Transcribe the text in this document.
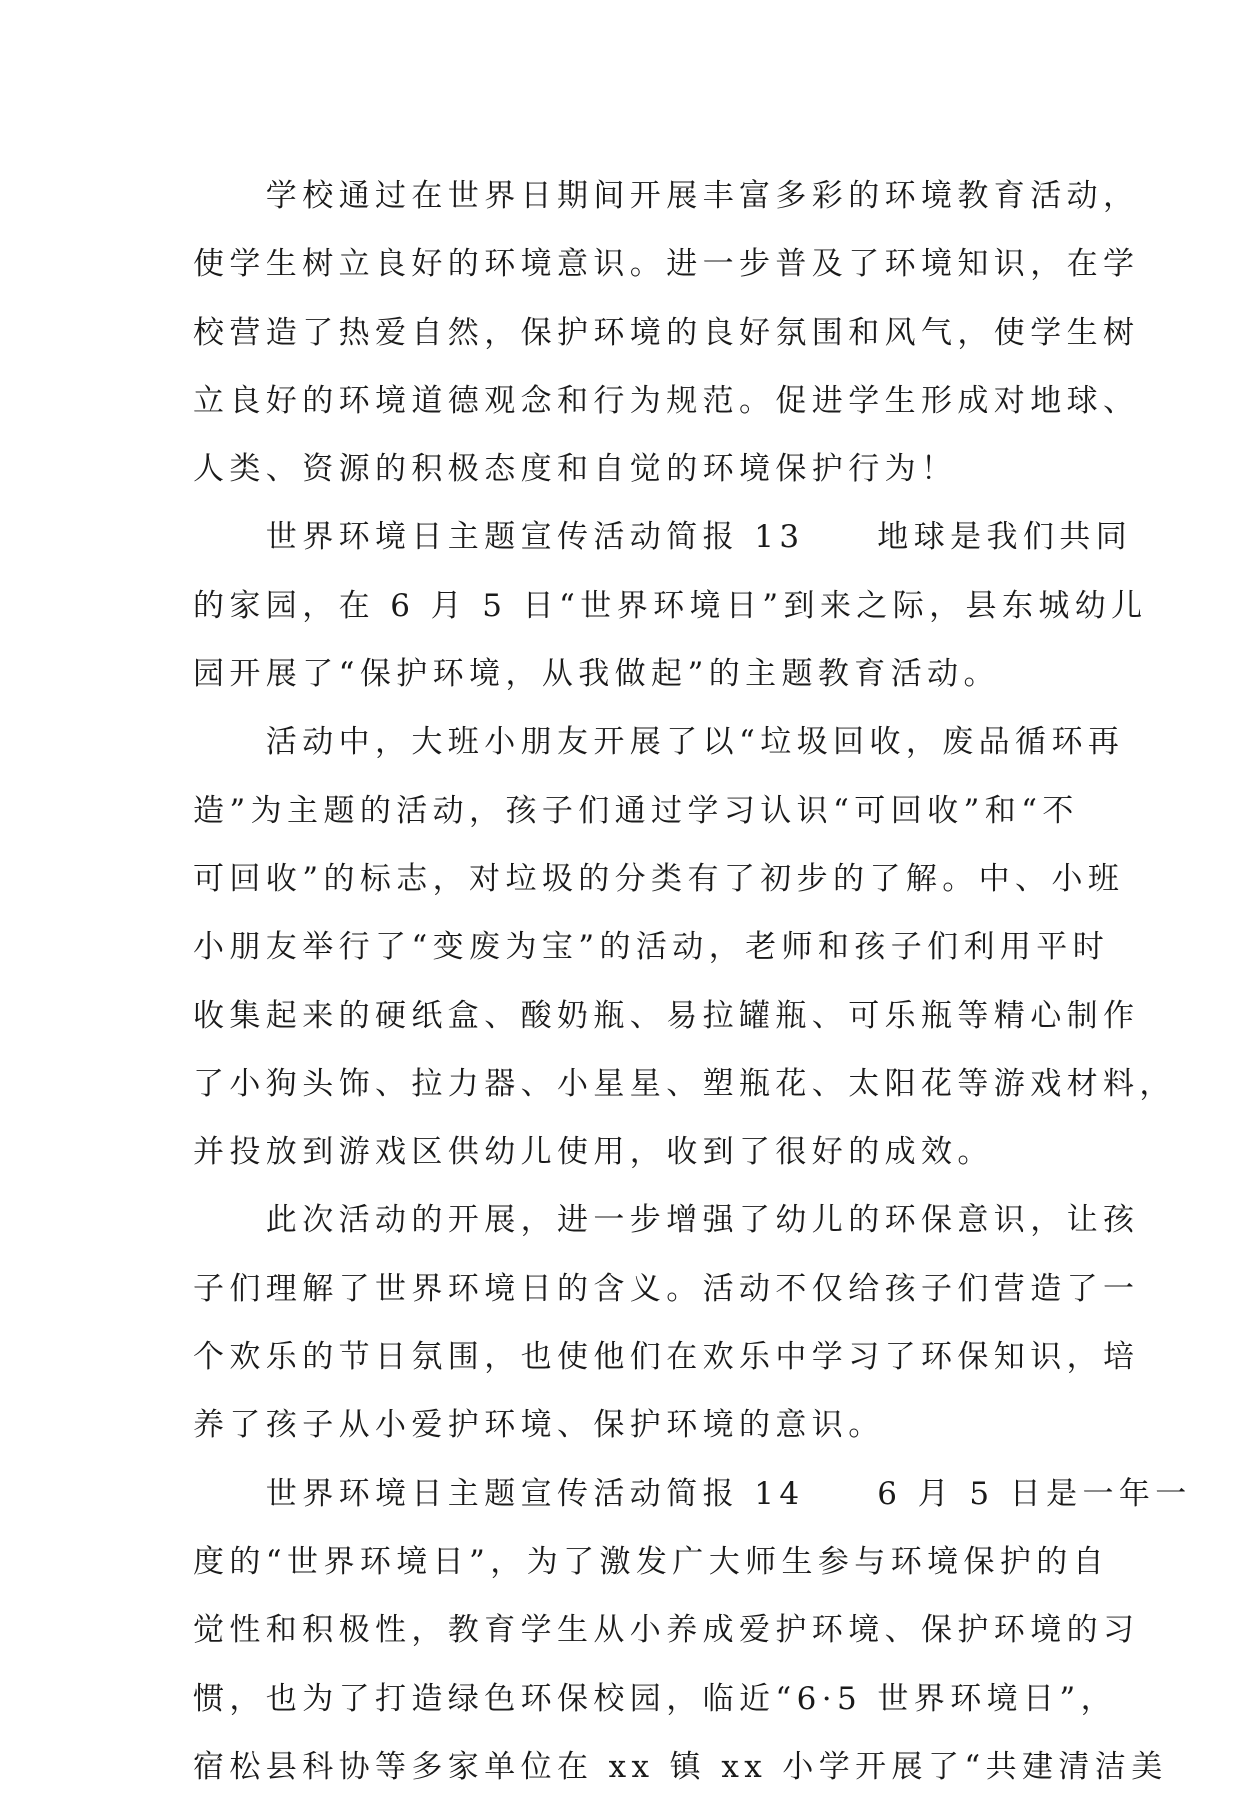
　　学校通过在世界日期间开展丰富多彩的环境教育活动，
使学生树立良好的环境意识。进一步普及了环境知识，在学
校营造了热爱自然，保护环境的良好氛围和风气，使学生树
立良好的环境道德观念和行为规范。促进学生形成对地球、
人类、资源的积极态度和自觉的环境保护行为！
　　世界环境日主题宣传活动简报 13　　地球是我们共同
的家园，在 6 月 5 日“世界环境日”到来之际，县东城幼儿
园开展了“保护环境，从我做起”的主题教育活动。
　　活动中，大班小朋友开展了以“垃圾回收，废品循环再
造”为主题的活动，孩子们通过学习认识“可回收”和“不
可回收”的标志，对垃圾的分类有了初步的了解。中、小班
小朋友举行了“变废为宝”的活动，老师和孩子们利用平时
收集起来的硬纸盒、酸奶瓶、易拉罐瓶、可乐瓶等精心制作
了小狗头饰、拉力器、小星星、塑瓶花、太阳花等游戏材料，
并投放到游戏区供幼儿使用，收到了很好的成效。
　　此次活动的开展，进一步增强了幼儿的环保意识，让孩
子们理解了世界环境日的含义。活动不仅给孩子们营造了一
个欢乐的节日氛围，也使他们在欢乐中学习了环保知识，培
养了孩子从小爱护环境、保护环境的意识。
　　世界环境日主题宣传活动简报 14　　6 月 5 日是一年一
度的“世界环境日”，为了激发广大师生参与环境保护的自
觉性和积极性，教育学生从小养成爱护环境、保护环境的习
惯，也为了打造绿色环保校园，临近“6·5 世界环境日”，
宿松县科协等多家单位在 xx 镇 xx 小学开展了“共建清洁美
